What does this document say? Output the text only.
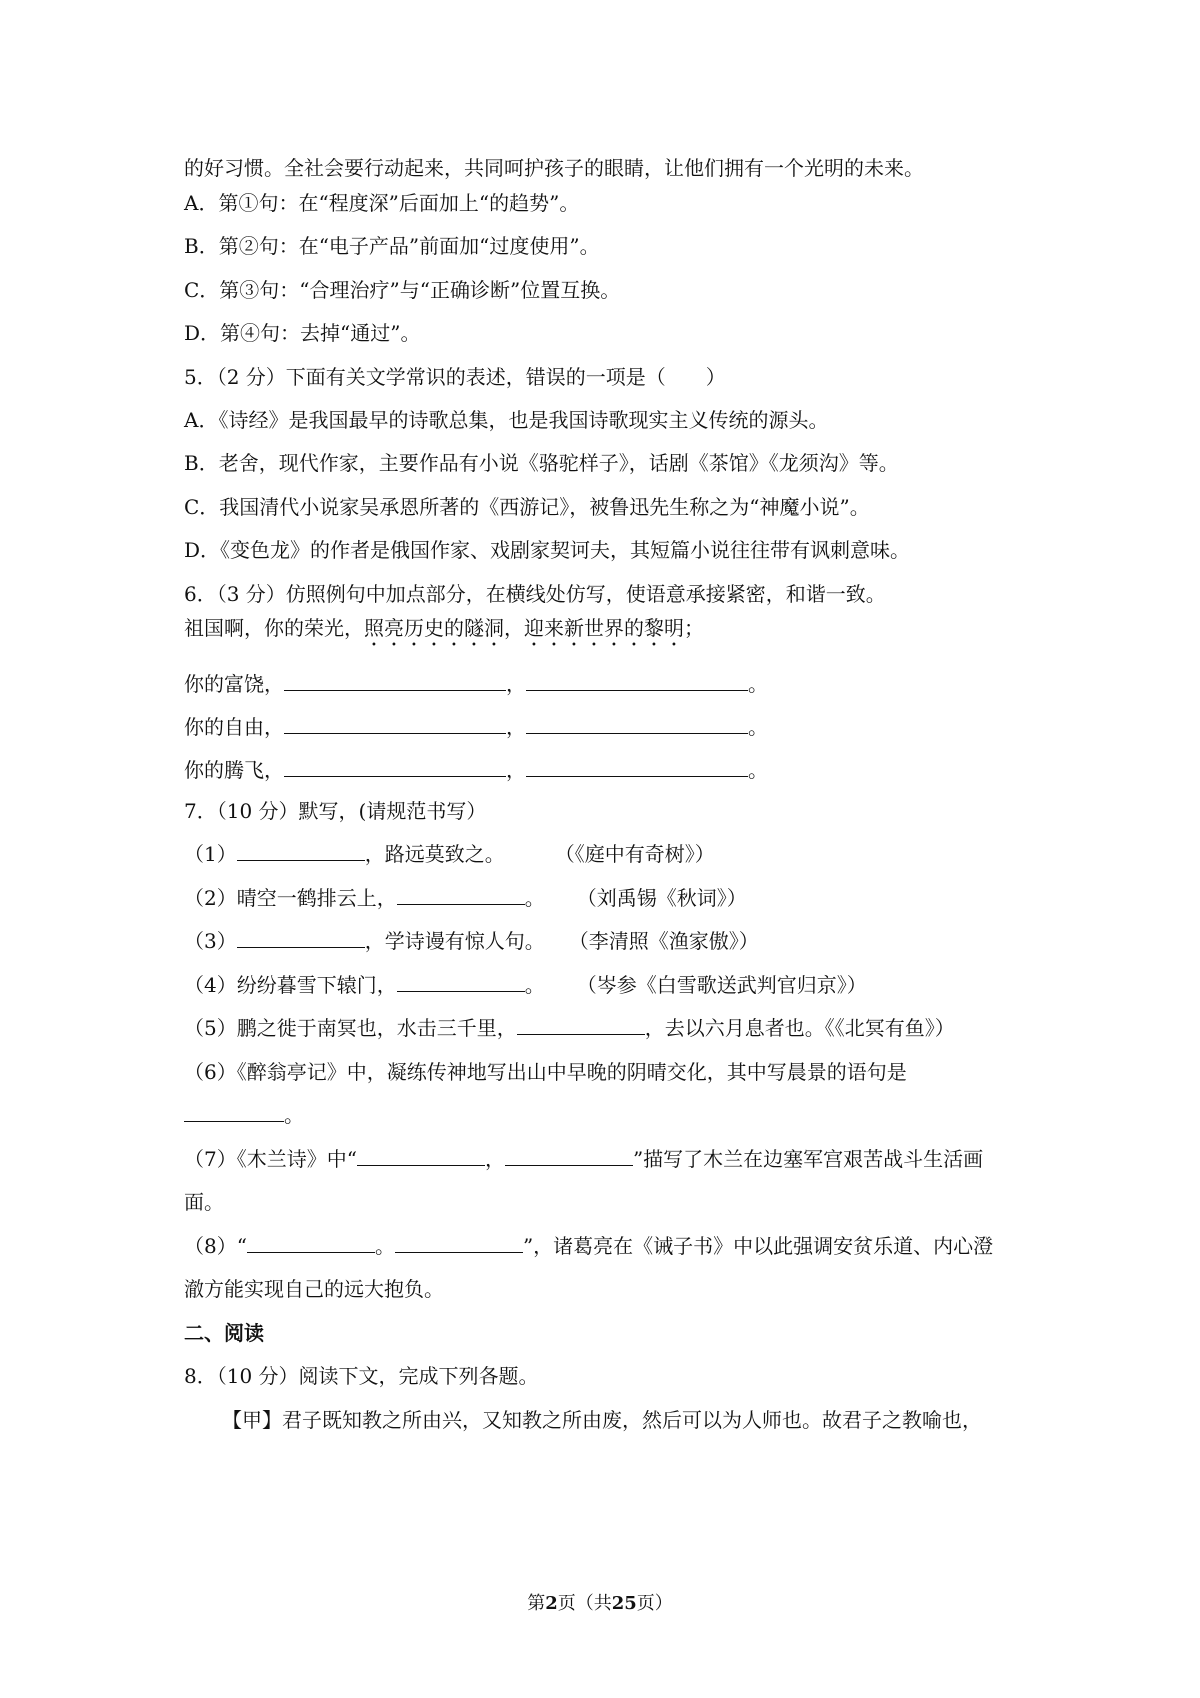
的好习惯。全社会要行动起来，共同呵护孩子的眼睛，让他们拥有一个光明的未来。
A．第①句：在“程度深”后面加上“的趋势”。
B．第②句：在“电子产品”前面加“过度使用”。
C．第③句：“合理治疗”与“正确诊断”位置互换。
D．第④句：去掉“通过”。
5．（2 分）下面有关文学常识的表述，错误的一项是（　　）
A．《诗经》是我国最早的诗歌总集，也是我国诗歌现实主义传统的源头。
B．老舍，现代作家，主要作品有小说《骆驼样子》，话剧《茶馆》《龙须沟》等。
C．我国清代小说家吴承恩所著的《西游记》，被鲁迅先生称之为“神魔小说”。
D．《变色龙》的作者是俄国作家、戏剧家契诃夫，其短篇小说往往带有讽刺意味。
6．（3 分）仿照例句中加点部分，在横线处仿写，使语意承接紧密，和谐一致。
祖国啊，你的荣光，照亮历史的隧洞，迎来新世界的黎明；
你的富饶，	，	。
你的自由，	，	。
你的腾飞，	，	。
7．（10 分）默写，(请规范书写）
（1）	，路远莫致之。	（《庭中有奇树》）
（2）晴空一鹤排云上，	。 （刘禹锡《秋词》）
（3）	，学诗谩有惊人句。 （李清照《渔家傲》）
（4）纷纷暮雪下辕门，	。 （岑参《白雪歌送武判官归京》）
（5）鹏之徙于南冥也，水击三千里，	，去以六月息者也。《《北冥有鱼》）
（6）《醉翁亭记》中，凝练传神地写出山中早晚的阴晴交化，其中写晨景的语句是
。
（7）《木兰诗》中“	，	”描写了木兰在边塞军宫艰苦战斗生活画
面。
（8）“	。	”，诸葛亮在《诫子书》中以此强调安贫乐道、内心澄
澈方能实现自己的远大抱负。
二、阅读
8．（10 分）阅读下文，完成下列各题。
【甲】君子既知教之所由兴，又知教之所由废，然后可以为人师也。故君子之教喻也，
第2页（共25页）
